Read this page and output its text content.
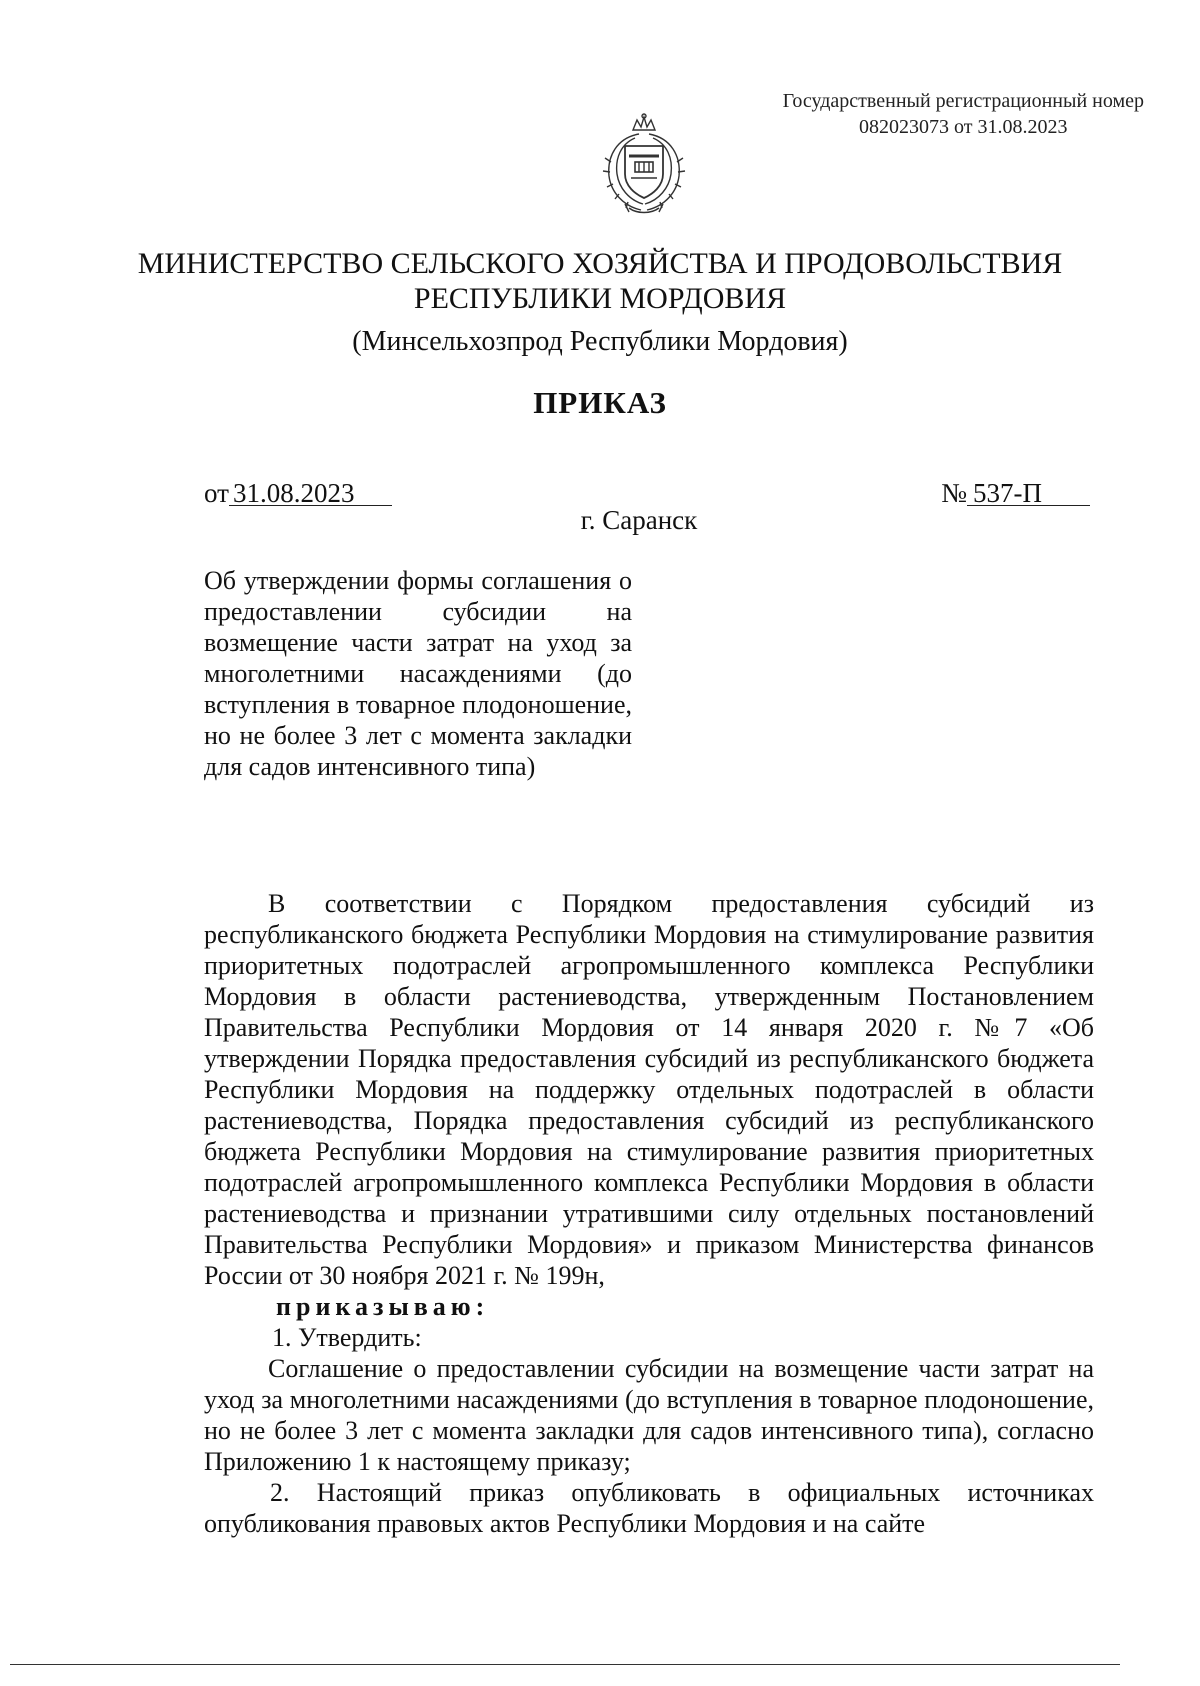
Государственный регистрационный номер
082023073 от 31.08.2023
МИНИСТЕРСТВО СЕЛЬСКОГО ХОЗЯЙСТВА И ПРОДОВОЛЬСТВИЯ
РЕСПУБЛИКИ МОРДОВИЯ
(Минсельхозпрод Республики Мордовия)
ПРИКАЗ
от 31.08.2023	№ 537-П
г. Саранск
Об утверждении формы соглашения о предоставлении субсидии на возмещение части затрат на уход за многолетними насаждениями (до вступления в товарное плодоношение, но не более 3 лет с момента закладки для садов интенсивного типа)

В соответствии с Порядком предоставления субсидий из республиканского бюджета Республики Мордовия на стимулирование развития приоритетных подотраслей агропромышленного комплекса Республики Мордовия в области растениеводства, утвержденным Постановлением Правительства Республики Мордовия от 14 января 2020 г. №7 «Об утверждении Порядка предоставления субсидий из республиканского бюджета Республики Мордовия на поддержку отдельных подотраслей в области растениеводства, Порядка предоставления субсидий из республиканского бюджета Республики Мордовия на стимулирование развития приоритетных подотраслей агропромышленного комплекса Республики Мордовия в области растениеводства и признании утратившими силу отдельных постановлений Правительства Республики Мордовия» и приказом Министерства финансов России от 30 ноября 2021 г. № 199н,

приказываю:

1. Утвердить:

Соглашение о предоставлении субсидии на возмещение части затрат на уход за многолетними насаждениями (до вступления в товарное плодоношение, но не более 3 лет с момента закладки для садов интенсивного типа), согласно Приложению 1 к настоящему приказу;

2. Настоящий приказ опубликовать в официальных источниках опубликования правовых актов Республики Мордовия и на сайте
